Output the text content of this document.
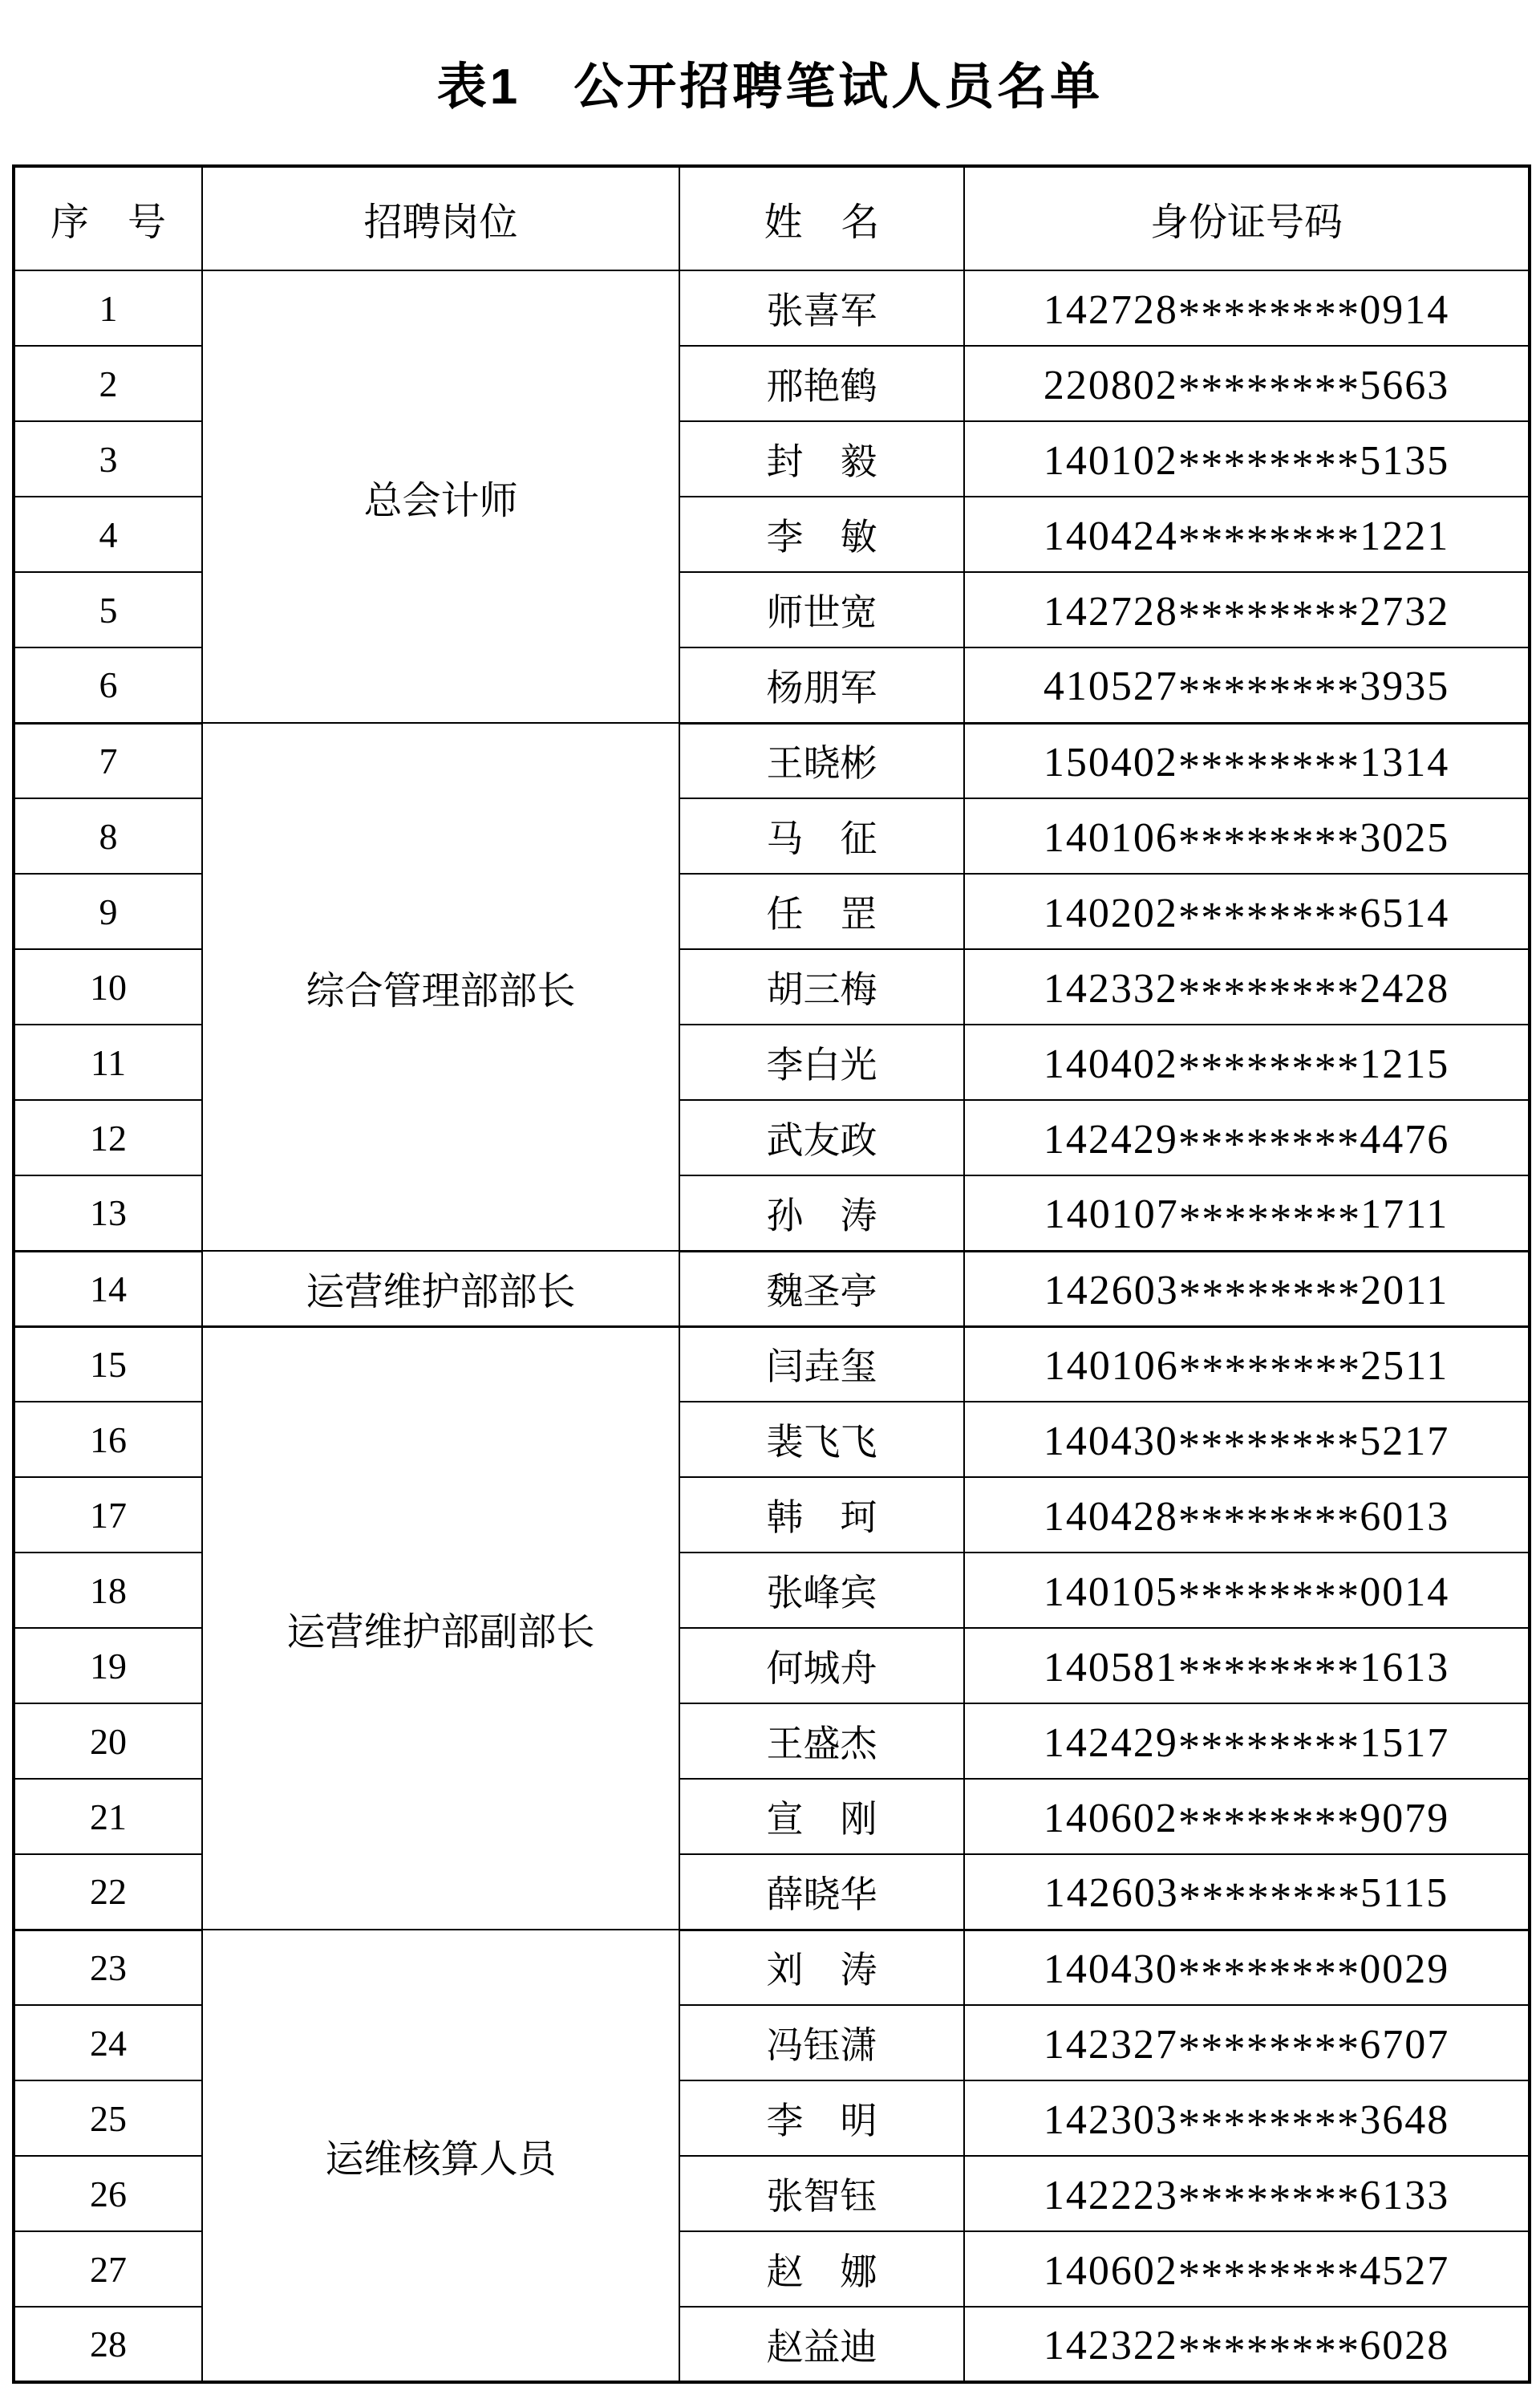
表1　公开招聘笔试人员名单
序　号	招聘岗位	姓　名	身份证号码
1	总会计师	张喜军	142728********0914
2		邢艳鹤	220802********5663
3		封　毅	140102********5135
4		李　敏	140424********1221
5		师世宽	142728********2732
6		杨朋军	410527********3935
7	综合管理部部长	王晓彬	150402********1314
8		马　征	140106********3025
9		任　罡	140202********6514
10		胡三梅	142332********2428
11		李白光	140402********1215
12		武友政	142429********4476
13		孙　涛	140107********1711
14	运营维护部部长	魏圣亭	142603********2011
15	运营维护部副部长	闫垚玺	140106********2511
16		裴飞飞	140430********5217
17		韩　珂	140428********6013
18		张峰宾	140105********0014
19		何城舟	140581********1613
20		王盛杰	142429********1517
21		宣　刚	140602********9079
22		薛晓华	142603********5115
23	运维核算人员	刘　涛	140430********0029
24		冯钰潇	142327********6707
25		李　明	142303********3648
26		张智钰	142223********6133
27		赵　娜	140602********4527
28		赵益迪	142322********6028
